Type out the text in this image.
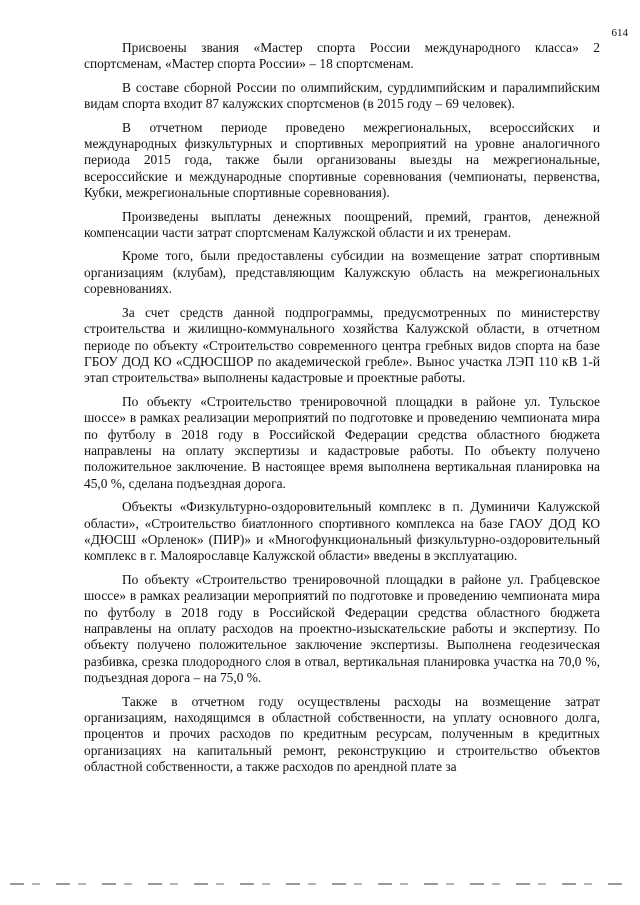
614

Присвоены звания «Мастер спорта России международного класса» 2 спортсменам, «Мастер спорта России» – 18 спортсменам.

В составе сборной России по олимпийским, сурдлимпийским и паралимпийским видам спорта входит 87 калужских спортсменов (в 2015 году – 69 человек).

В отчетном периоде проведено межрегиональных, всероссийских и международных физкультурных и спортивных мероприятий на уровне аналогичного периода 2015 года, также были организованы выезды на межрегиональные, всероссийские и международные спортивные соревнования (чемпионаты, первенства, Кубки, межрегиональные спортивные соревнования).

Произведены выплаты денежных поощрений, премий, грантов, денежной компенсации части затрат спортсменам Калужской области и их тренерам.

Кроме того, были предоставлены субсидии на возмещение затрат спортивным организациям (клубам), представляющим Калужскую область на межрегиональных соревнованиях.

За счет средств данной подпрограммы, предусмотренных по министерству строительства и жилищно-коммунального хозяйства Калужской области, в отчетном периоде по объекту «Строительство современного центра гребных видов спорта на базе ГБОУ ДОД КО «СДЮСШОР по академической гребле». Вынос участка ЛЭП 110 кВ 1-й этап строительства» выполнены кадастровые и проектные работы.

По объекту «Строительство тренировочной площадки в районе ул. Тульское шоссе» в рамках реализации мероприятий по подготовке и проведению чемпионата мира по футболу в 2018 году в Российской Федерации средства областного бюджета направлены на оплату экспертизы и кадастровые работы. По объекту получено положительное заключение. В настоящее время выполнена вертикальная планировка на 45,0 %, сделана подъездная дорога.

Объекты «Физкультурно-оздоровительный комплекс в п. Думиничи Калужской области», «Строительство биатлонного спортивного комплекса на базе ГАОУ ДОД КО «ДЮСШ «Орленок» (ПИР)» и «Многофункциональный физкультурно-оздоровительный комплекс в г. Малоярославце Калужской области» введены в эксплуатацию.

По объекту «Строительство тренировочной площадки в районе ул. Грабцевское шоссе» в рамках реализации мероприятий по подготовке и проведению чемпионата мира по футболу в 2018 году в Российской Федерации средства областного бюджета направлены на оплату расходов на проектно-изыскательские работы и экспертизу. По объекту получено положительное заключение экспертизы. Выполнена геодезическая разбивка, срезка плодородного слоя в отвал, вертикальная планировка участка на 70,0 %, подъездная дорога – на 75,0 %.

Также в отчетном году осуществлены расходы на возмещение затрат организациям, находящимся в областной собственности, на уплату основного долга, процентов и прочих расходов по кредитным ресурсам, полученным в кредитных организациях на капитальный ремонт, реконструкцию и строительство объектов областной собственности, а также расходов по арендной плате за
